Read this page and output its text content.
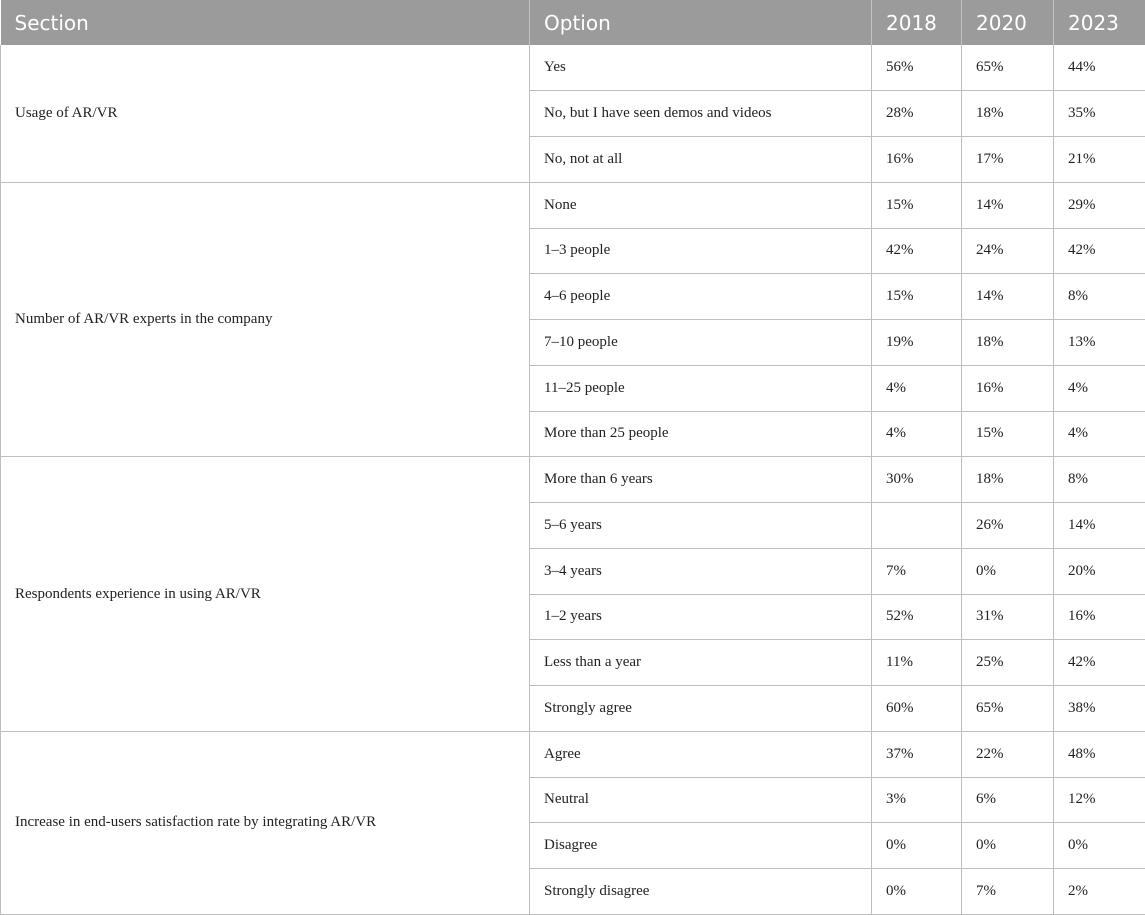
Section	Option	2018	2020	2023
Usage of AR/VR	Yes	56%	65%	44%
	No, but I have seen demos and videos	28%	18%	35%
	No, not at all	16%	17%	21%
Number of AR/VR experts in the company	None	15%	14%	29%
	1–3 people	42%	24%	42%
	4–6 people	15%	14%	8%
	7–10 people	19%	18%	13%
	11–25 people	4%	16%	4%
	More than 25 people	4%	15%	4%
Respondents experience in using AR/VR	More than 6 years	30%	18%	8%
	5–6 years		26%	14%
	3–4 years	7%	0%	20%
	1–2 years	52%	31%	16%
	Less than a year	11%	25%	42%
	Strongly agree	60%	65%	38%
Increase in end-users satisfaction rate by integrating AR/VR	Agree	37%	22%	48%
	Neutral	3%	6%	12%
	Disagree	0%	0%	0%
	Strongly disagree	0%	7%	2%
